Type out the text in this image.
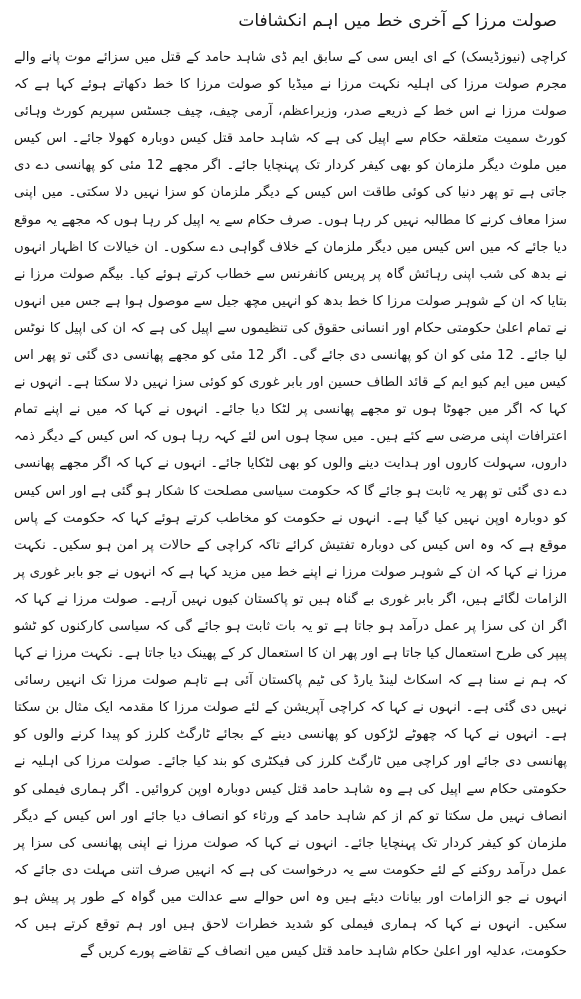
صولت مرزا کے آخری خط میں اہم انکشافات

کراچی (نیوزڈیسک) کے ای ایس سی کے سابق ایم ڈی شاہد حامد کے قتل میں سزائے موت پانے والے مجرم صولت مرزا کی اہلیہ نکہت مرزا نے میڈیا کو صولت مرزا کا خط دکھاتے ہوئے کہا ہے کہ صولت مرزا نے اس خط کے ذریعے صدر، وزیراعظم، آرمی چیف، چیف جسٹس سپریم کورٹ وہائی کورٹ سمیت متعلقہ حکام سے اپیل کی ہے کہ شاہد حامد قتل کیس دوبارہ کھولا جائے۔ اس کیس میں ملوث دیگر ملزمان کو بھی کیفر کردار تک پہنچایا جائے۔ اگر مجھے 12 مئی کو پھانسی دے دی جاتی ہے تو پھر دنیا کی کوئی طاقت اس کیس کے دیگر ملزمان کو سزا نہیں دلا سکتی۔ میں اپنی سزا معاف کرنے کا مطالبہ نہیں کر رہا ہوں۔ صرف حکام سے یہ اپیل کر رہا ہوں کہ مجھے یہ موقع دیا جائے کہ میں اس کیس میں دیگر ملزمان کے خلاف گواہی دے سکوں۔ ان خیالات کا اظہار انہوں نے بدھ کی شب اپنی رہائش گاہ پر پریس کانفرنس سے خطاب کرتے ہوئے کیا۔ بیگم صولت مرزا نے بتایا کہ ان کے شوہر صولت مرزا کا خط بدھ کو انہیں مچھ جیل سے موصول ہوا ہے جس میں انہوں نے تمام اعلیٰ حکومتی حکام اور انسانی حقوق کی تنظیموں سے اپیل کی ہے کہ ان کی اپیل کا نوٹس لیا جائے۔ 12 مئی کو ان کو پھانسی دی جائے گی۔ اگر 12 مئی کو مجھے پھانسی دی گئی تو پھر اس کیس میں ایم کیو ایم کے قائد الطاف حسین اور بابر غوری کو کوئی سزا نہیں دلا سکتا ہے۔ انہوں نے کہا کہ اگر میں جھوٹا ہوں تو مجھے پھانسی پر لٹکا دیا جائے۔ انہوں نے کہا کہ میں نے اپنے تمام اعترافات اپنی مرضی سے کئے ہیں۔ میں سچا ہوں اس لئے کہہ رہا ہوں کہ اس کیس کے دیگر ذمہ داروں، سہولت کاروں اور ہدایت دینے والوں کو بھی لٹکایا جائے۔ انہوں نے کہا کہ اگر مجھے پھانسی دے دی گئی تو پھر یہ ثابت ہو جائے گا کہ حکومت سیاسی مصلحت کا شکار ہو گئی ہے اور اس کیس کو دوبارہ اوپن نہیں کیا گیا ہے۔ انہوں نے حکومت کو مخاطب کرتے ہوئے کہا کہ حکومت کے پاس موقع ہے کہ وہ اس کیس کی دوبارہ تفتیش کرائے تاکہ کراچی کے حالات پر امن ہو سکیں۔ نکہت مرزا نے کہا کہ ان کے شوہر صولت مرزا نے اپنے خط میں مزید کہا ہے کہ انہوں نے جو بابر غوری پر الزامات لگائے ہیں، اگر بابر غوری بے گناہ ہیں تو پاکستان کیوں نہیں آرہے۔ صولت مرزا نے کہا کہ اگر ان کی سزا پر عمل درآمد ہو جاتا ہے تو یہ بات ثابت ہو جائے گی کہ سیاسی کارکنوں کو ٹشو پیپر کی طرح استعمال کیا جاتا ہے اور پھر ان کا استعمال کر کے پھینک دیا جاتا ہے۔ نکہت مرزا نے کہا کہ ہم نے سنا ہے کہ اسکاٹ لینڈ یارڈ کی ٹیم پاکستان آئی ہے تاہم صولت مرزا تک انہیں رسائی نہیں دی گئی ہے۔ انہوں نے کہا کہ کراچی آپریشن کے لئے صولت مرزا کا مقدمہ ایک مثال بن سکتا ہے۔ انہوں نے کہا کہ چھوٹے لڑکوں کو پھانسی دینے کے بجائے ٹارگٹ کلرز کو پیدا کرنے والوں کو پھانسی دی جائے اور کراچی میں ٹارگٹ کلرز کی فیکٹری کو بند کیا جائے۔ صولت مرزا کی اہلیہ نے حکومتی حکام سے اپیل کی ہے وہ شاہد حامد قتل کیس دوبارہ اوپن کروائیں۔ اگر ہماری فیملی کو انصاف نہیں مل سکتا تو کم از کم شاہد حامد کے ورثاء کو انصاف دیا جائے اور اس کیس کے دیگر ملزمان کو کیفر کردار تک پہنچایا جائے۔ انہوں نے کہا کہ صولت مرزا نے اپنی پھانسی کی سزا پر عمل درآمد روکنے کے لئے حکومت سے یہ درخواست کی ہے کہ انہیں صرف اتنی مہلت دی جائے کہ انہوں نے جو الزامات اور بیانات دیئے ہیں وہ اس حوالے سے عدالت میں گواہ کے طور پر پیش ہو سکیں۔ انہوں نے کہا کہ ہماری فیملی کو شدید خطرات لاحق ہیں اور ہم توقع کرتے ہیں کہ حکومت، عدلیہ اور اعلیٰ حکام شاہد حامد قتل کیس میں انصاف کے تقاضے پورے کریں گے
